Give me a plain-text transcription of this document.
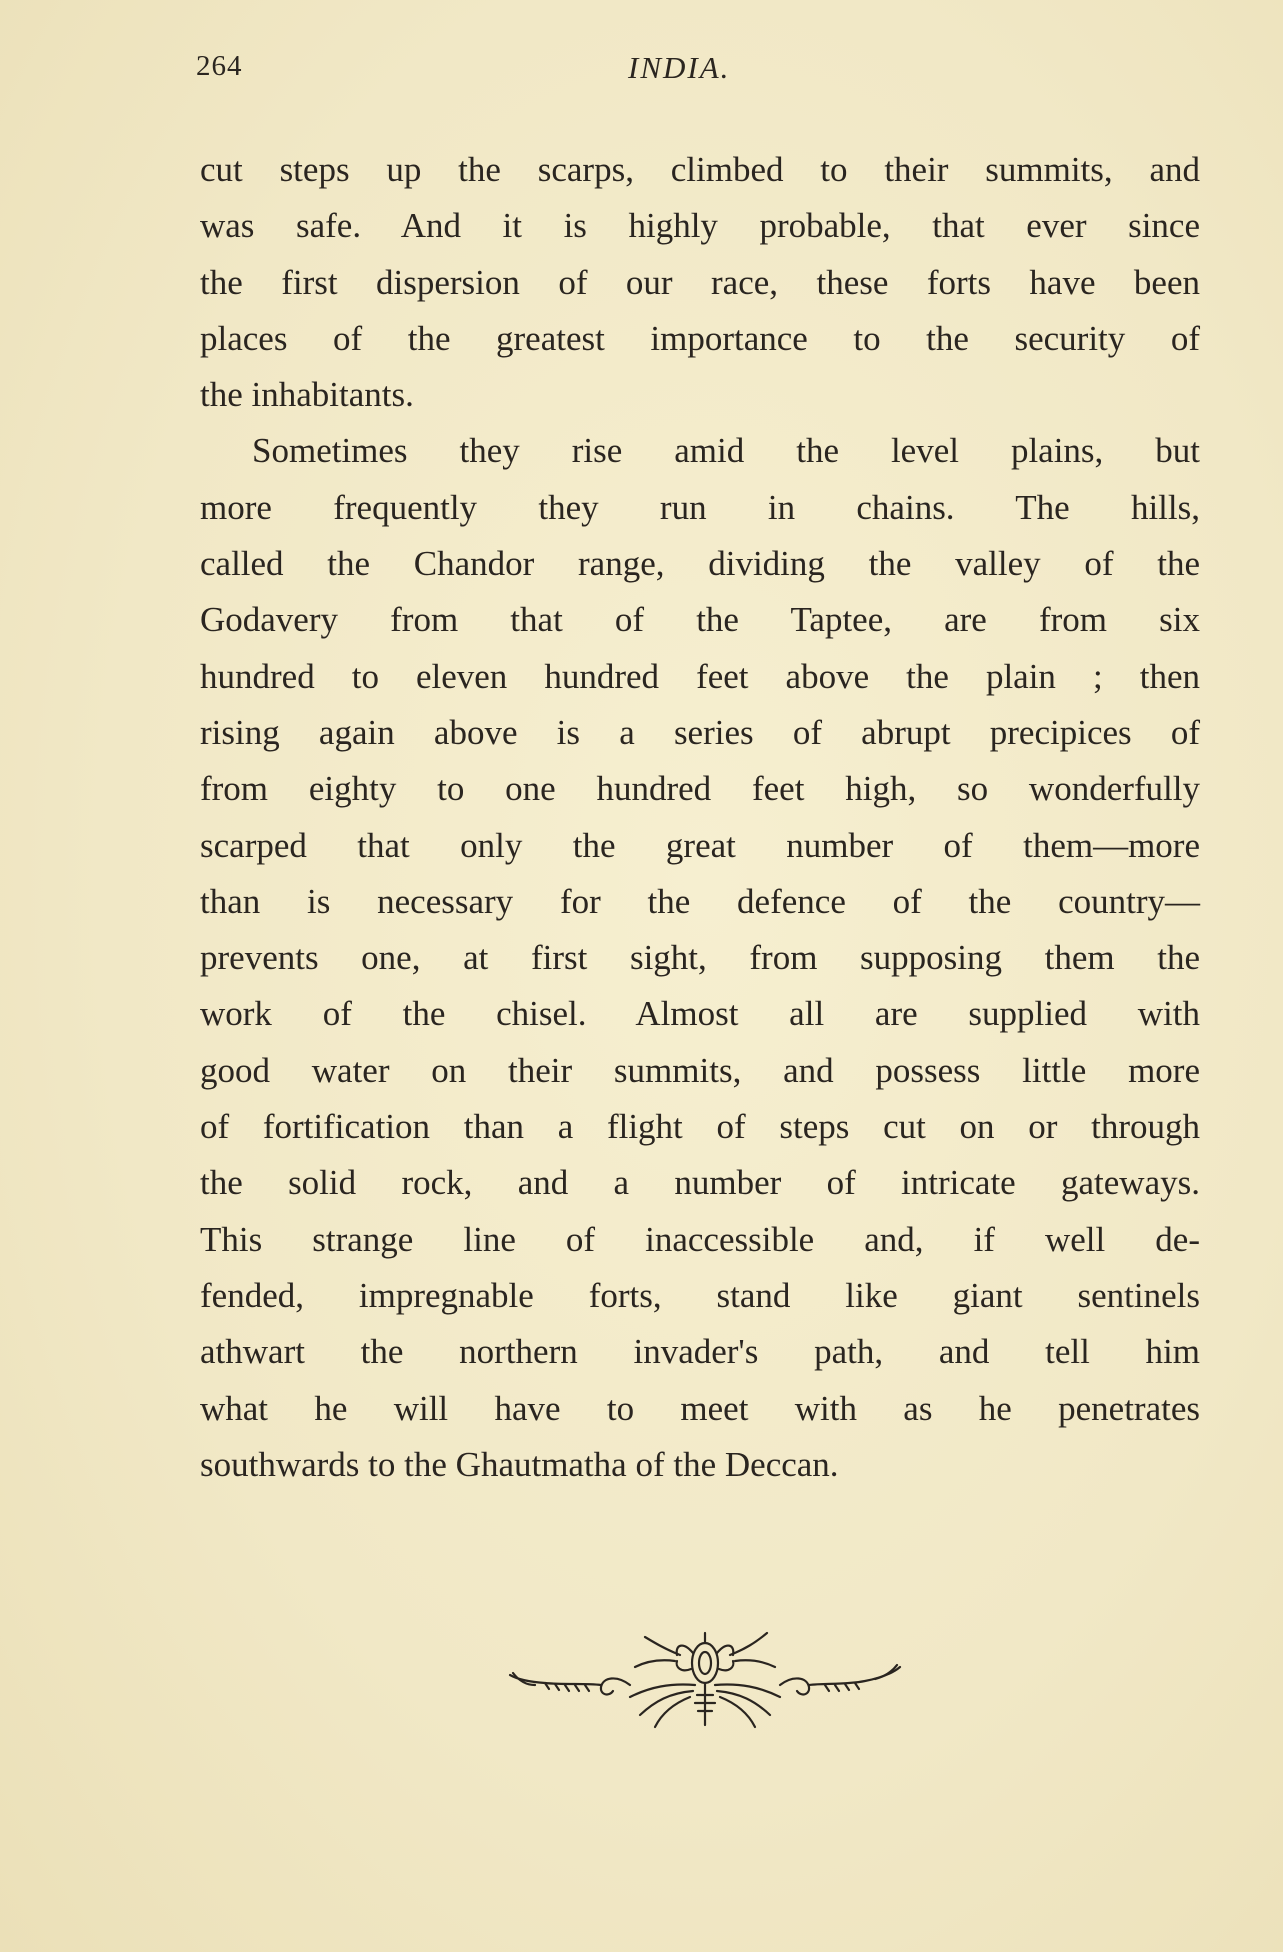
264	INDIA.

cut steps up the scarps, climbed to their summits, and
was safe. And it is highly probable, that ever since
the first dispersion of our race, these forts have been
places of the greatest importance to the security of
the inhabitants.

Sometimes they rise amid the level plains, but
more frequently they run in chains. The hills,
called the Chandor range, dividing the valley of the
Godavery from that of the Taptee, are from six
hundred to eleven hundred feet above the plain ; then
rising again above is a series of abrupt precipices of
from eighty to one hundred feet high, so wonderfully
scarped that only the great number of them—more
than is necessary for the defence of the country—
prevents one, at first sight, from supposing them the
work of the chisel. Almost all are supplied with
good water on their summits, and possess little more
of fortification than a flight of steps cut on or through
the solid rock, and a number of intricate gateways.
This strange line of inaccessible and, if well de-
fended, impregnable forts, stand like giant sentinels
athwart the northern invader's path, and tell him
what he will have to meet with as he penetrates
southwards to the Ghautmatha of the Deccan.
